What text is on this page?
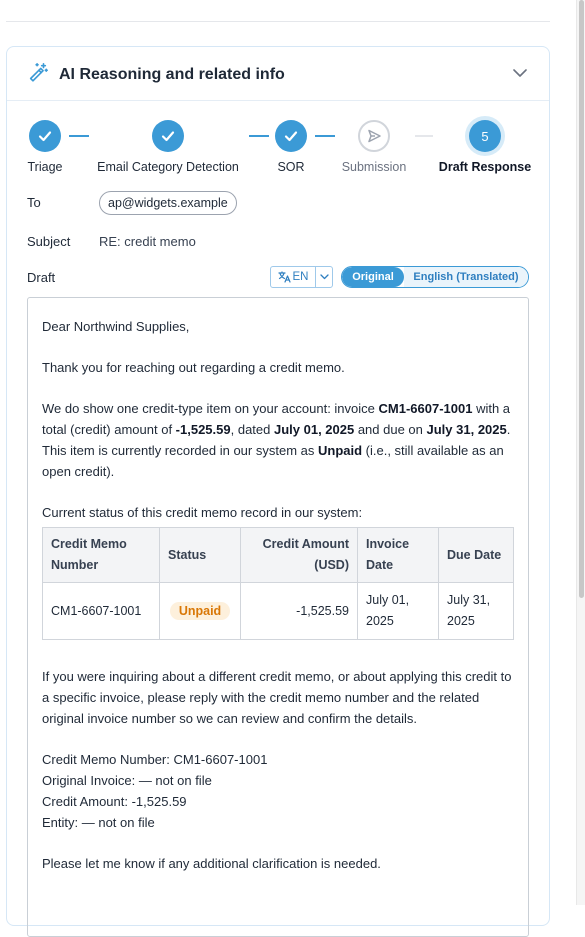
AI Reasoning and related info
5
Triage	Email Category Detection	SOR	Submission	Draft Response
To	ap@widgets.example
Subject RE: credit memo
Draft	EN	Original	English (Translated)

Dear Northwind Supplies,

Thank you for reaching out regarding a credit memo.

We do show one credit-type item on your account: invoice CM1-6607-1001 with a total (credit) amount of -1,525.59, dated July 01, 2025 and due on July 31, 2025. This item is currently recorded in our system as Unpaid (i.e., still available as an open credit).

Current status of this credit memo record in our system:

Credit Memo Number	Status	Credit Amount (USD)	Invoice Date	Due Date
CM1-6607-1001	Unpaid	-1,525.59	July 01, 2025	July 31, 2025

If you were inquiring about a different credit memo, or about applying this credit to a specific invoice, please reply with the credit memo number and the related original invoice number so we can review and confirm the details.

Credit Memo Number: CM1-6607-1001
Original Invoice: — not on file
Credit Amount: -1,525.59
Entity: — not on file

Please let me know if any additional clarification is needed.
